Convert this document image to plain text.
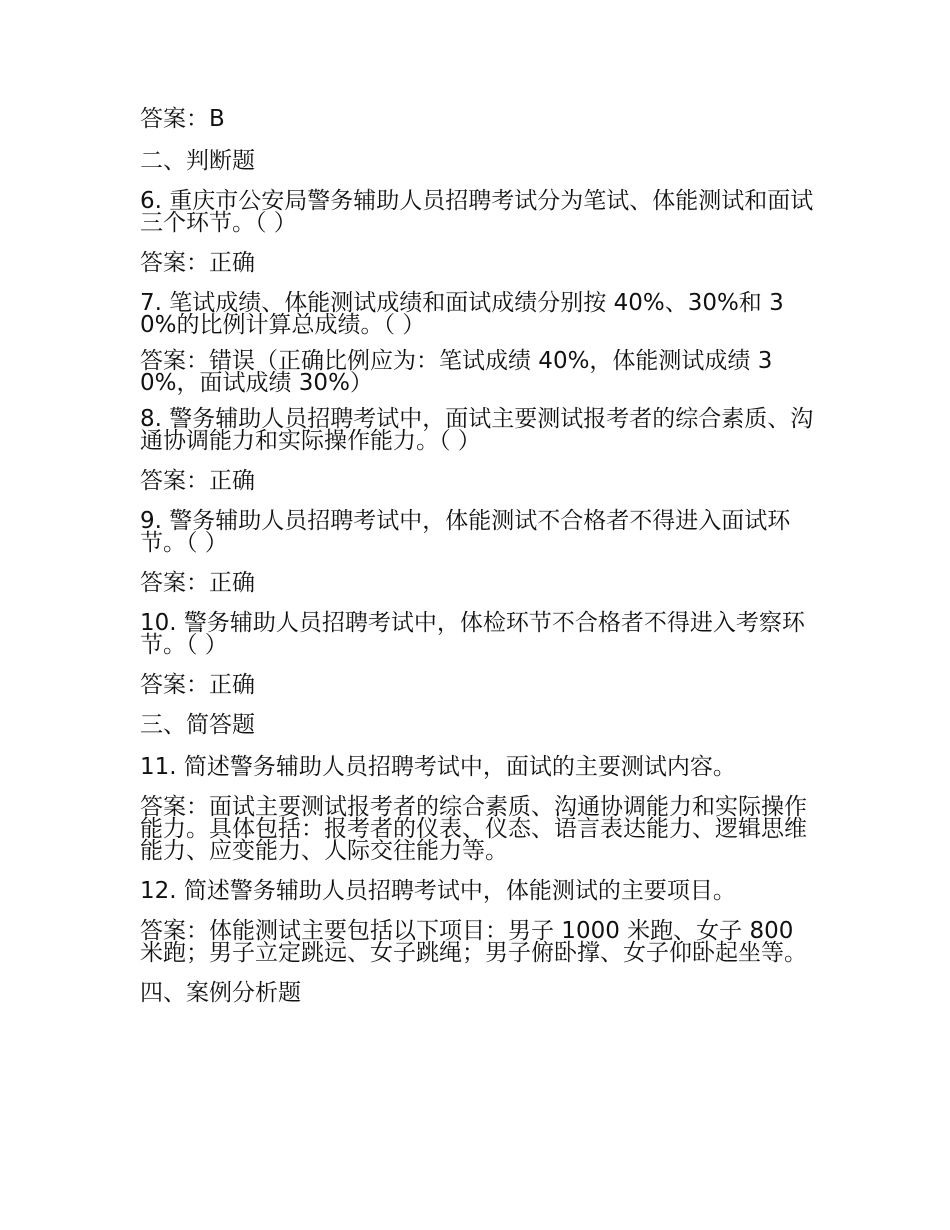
答案：B

二、判断题

6. 重庆市公安局警务辅助人员招聘考试分为笔试、体能测试和面试三个环节。（ ）

答案：正确

7. 笔试成绩、体能测试成绩和面试成绩分别按 40%、30%和 30%的比例计算总成绩。（ ）

答案：错误（正确比例应为：笔试成绩 40%，体能测试成绩 30%，面试成绩 30%）

8. 警务辅助人员招聘考试中，面试主要测试报考者的综合素质、沟通协调能力和实际操作能力。（ ）

答案：正确

9. 警务辅助人员招聘考试中，体能测试不合格者不得进入面试环节。（ ）

答案：正确

10. 警务辅助人员招聘考试中，体检环节不合格者不得进入考察环节。（ ）

答案：正确

三、简答题

11. 简述警务辅助人员招聘考试中，面试的主要测试内容。

答案：面试主要测试报考者的综合素质、沟通协调能力和实际操作能力。具体包括：报考者的仪表、仪态、语言表达能力、逻辑思维能力、应变能力、人际交往能力等。

12. 简述警务辅助人员招聘考试中，体能测试的主要项目。

答案：体能测试主要包括以下项目：男子 1000 米跑、女子 800 米跑；男子立定跳远、女子跳绳；男子俯卧撑、女子仰卧起坐等。

四、案例分析题
